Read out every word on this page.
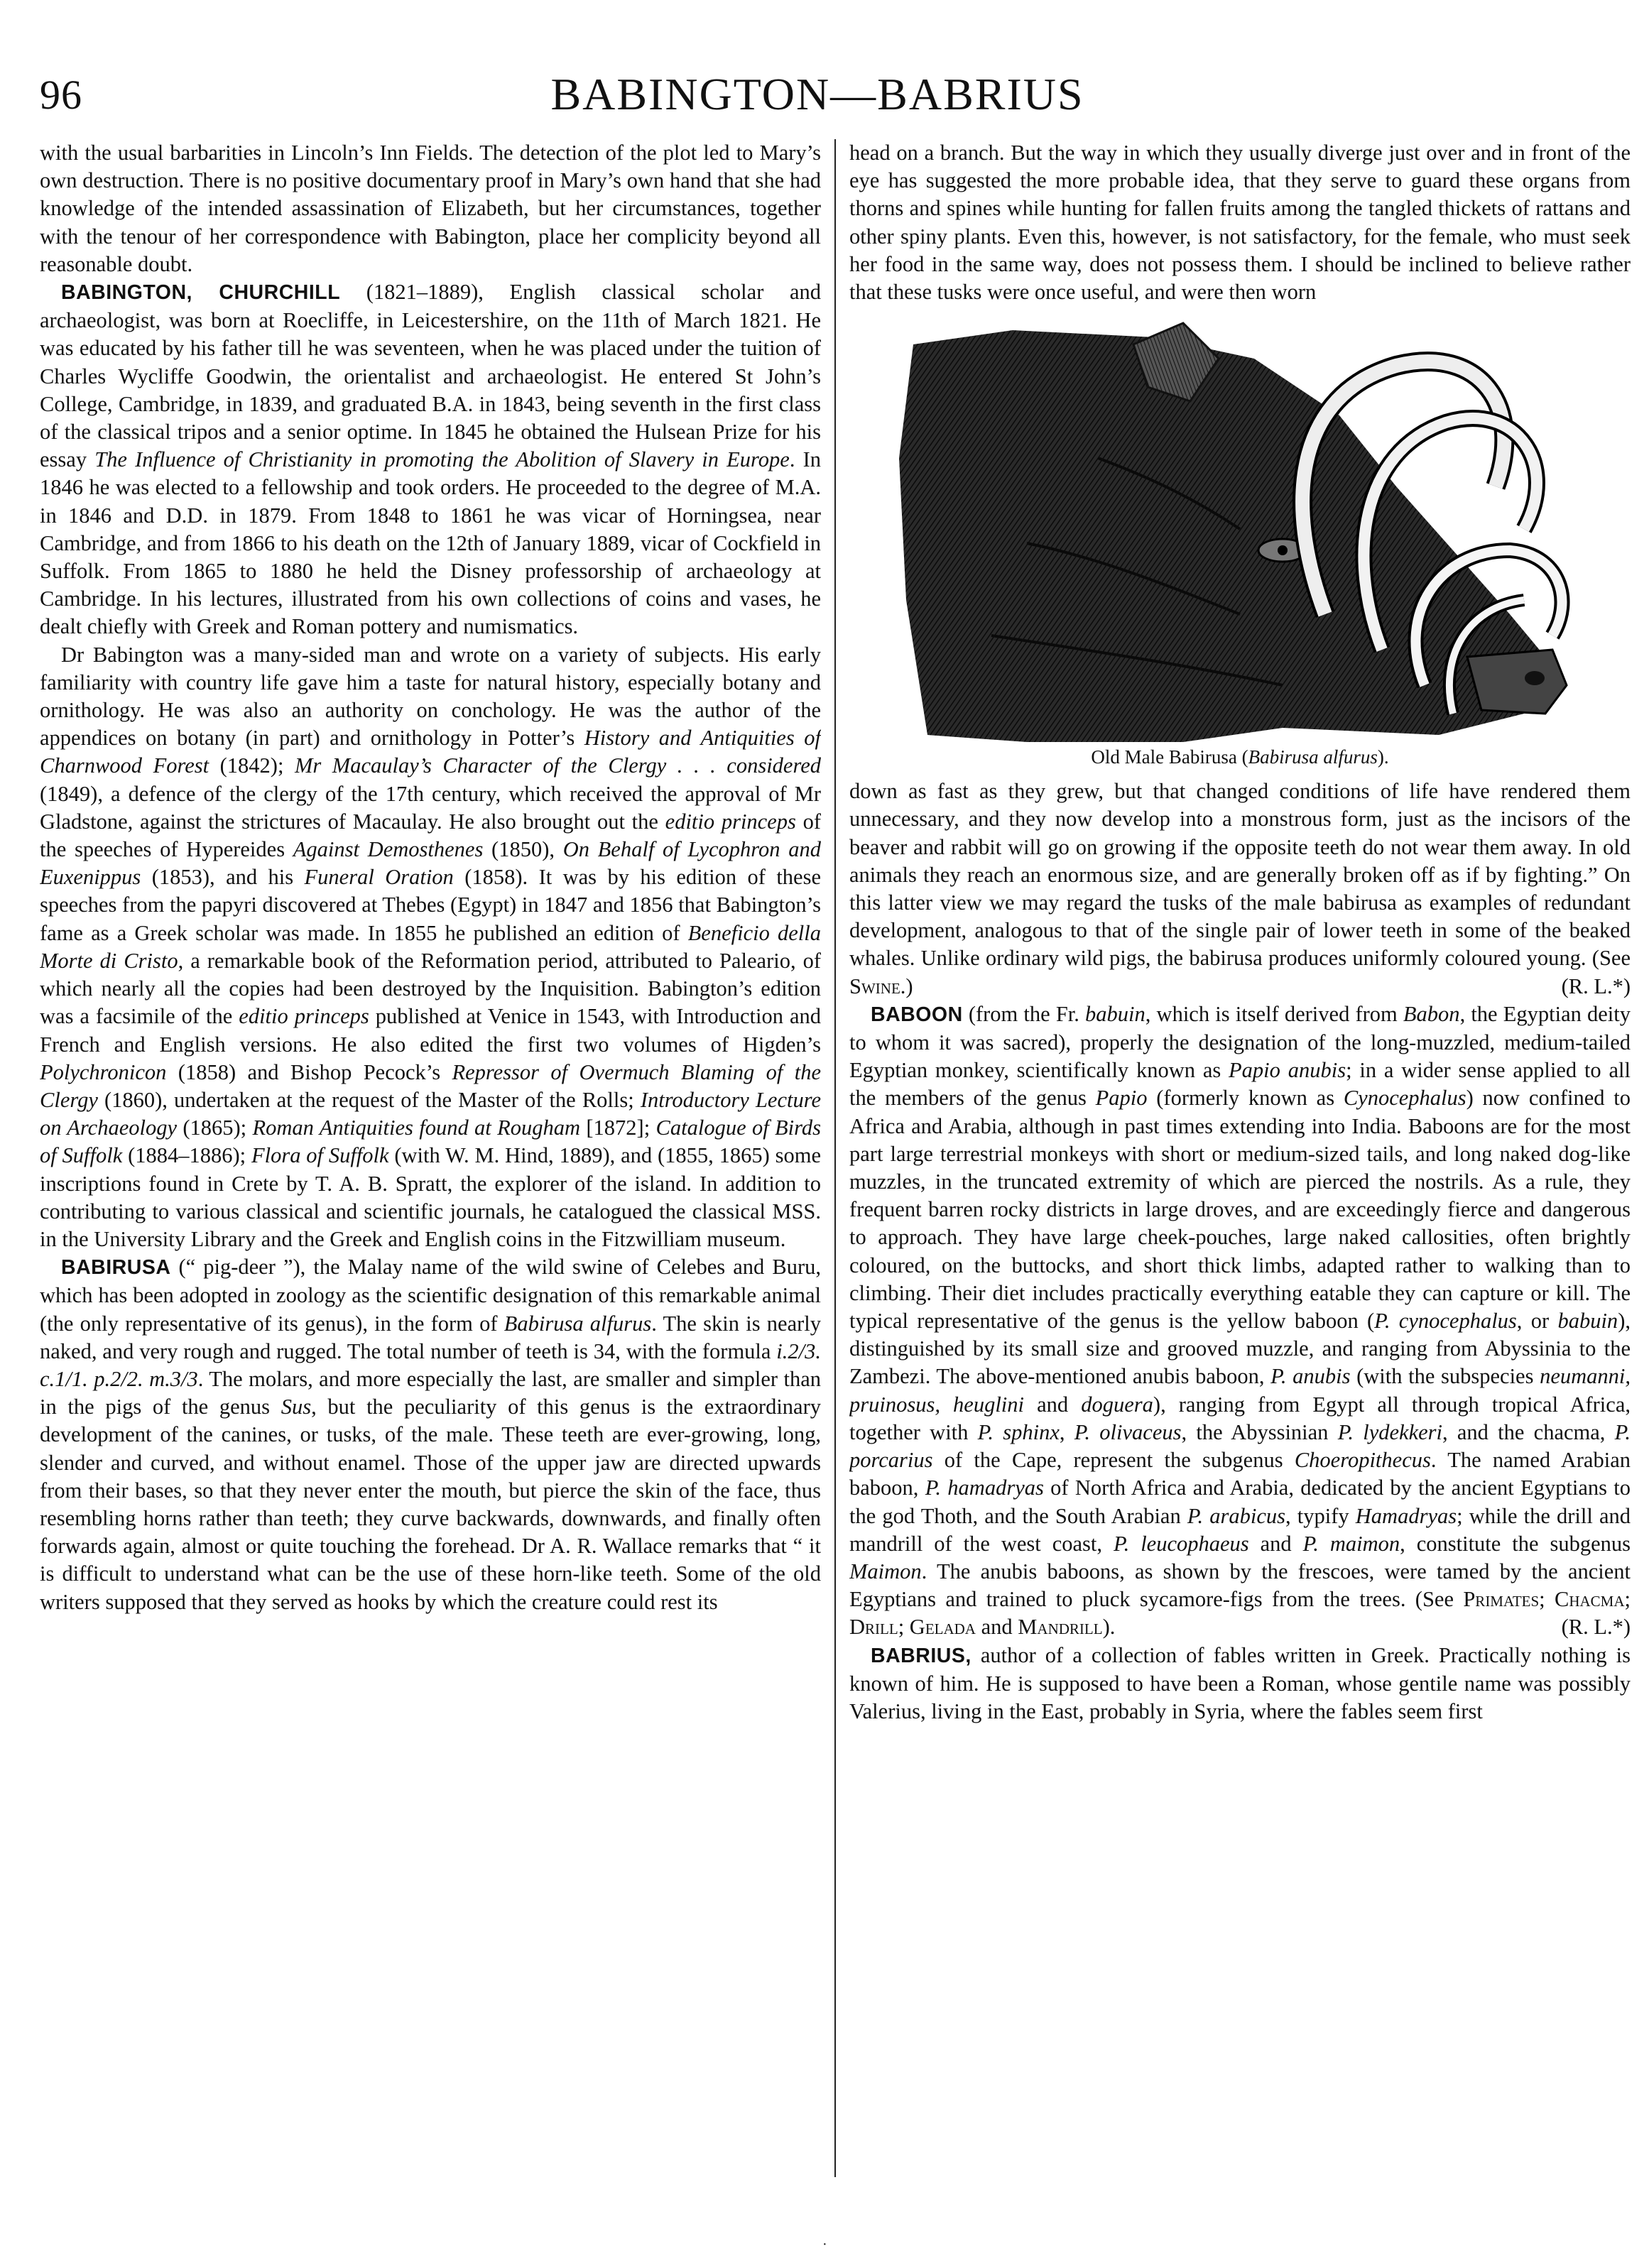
96	BABINGTON—BABRIUS

with the usual barbarities in Lincoln’s Inn Fields. The detection of the plot led to Mary’s own destruction. There is no positive documentary proof in Mary’s own hand that she had knowledge of the intended assassination of Elizabeth, but her circumstances, together with the tenour of her correspondence with Babington, place her complicity beyond all reasonable doubt.

BABINGTON, CHURCHILL (1821–1889), English classical scholar and archaeologist, was born at Roecliffe, in Leicestershire, on the 11th of March 1821. He was educated by his father till he was seventeen, when he was placed under the tuition of Charles Wycliffe Goodwin, the orientalist and archaeologist. He entered St John’s College, Cambridge, in 1839, and graduated B.A. in 1843, being seventh in the first class of the classical tripos and a senior optime. In 1845 he obtained the Hulsean Prize for his essay The Influence of Christianity in promoting the Abolition of Slavery in Europe. In 1846 he was elected to a fellowship and took orders. He proceeded to the degree of M.A. in 1846 and D.D. in 1879. From 1848 to 1861 he was vicar of Horningsea, near Cambridge, and from 1866 to his death on the 12th of January 1889, vicar of Cockfield in Suffolk. From 1865 to 1880 he held the Disney professorship of archaeology at Cambridge. In his lectures, illustrated from his own collections of coins and vases, he dealt chiefly with Greek and Roman pottery and numismatics.

Dr Babington was a many-sided man and wrote on a variety of subjects. His early familiarity with country life gave him a taste for natural history, especially botany and ornithology. He was also an authority on conchology. He was the author of the appendices on botany (in part) and ornithology in Potter’s History and Antiquities of Charnwood Forest (1842); Mr Macaulay’s Character of the Clergy . . . considered (1849), a defence of the clergy of the 17th century, which received the approval of Mr Gladstone, against the strictures of Macaulay. He also brought out the editio princeps of the speeches of Hypereides Against Demosthenes (1850), On Behalf of Lycophron and Euxenippus (1853), and his Funeral Oration (1858). It was by his edition of these speeches from the papyri discovered at Thebes (Egypt) in 1847 and 1856 that Babington’s fame as a Greek scholar was made. In 1855 he published an edition of Beneficio della Morte di Cristo, a remarkable book of the Reformation period, attributed to Paleario, of which nearly all the copies had been destroyed by the Inquisition. Babington’s edition was a facsimile of the editio princeps published at Venice in 1543, with Introduction and French and English versions. He also edited the first two volumes of Higden’s Polychronicon (1858) and Bishop Pecock’s Repressor of Overmuch Blaming of the Clergy (1860), undertaken at the request of the Master of the Rolls; Introductory Lecture on Archaeology (1865); Roman Antiquities found at Rougham [1872]; Catalogue of Birds of Suffolk (1884–1886); Flora of Suffolk (with W. M. Hind, 1889), and (1855, 1865) some inscriptions found in Crete by T. A. B. Spratt, the explorer of the island. In addition to contributing to various classical and scientific journals, he catalogued the classical MSS. in the University Library and the Greek and English coins in the Fitzwilliam museum.

BABIRUSA (“ pig-deer ”), the Malay name of the wild swine of Celebes and Buru, which has been adopted in zoology as the scientific designation of this remarkable animal (the only representative of its genus), in the form of Babirusa alfurus. The skin is nearly naked, and very rough and rugged. The total number of teeth is 34, with the formula i.2/3. c.1/1. p.2/2. m.3/3. The molars, and more especially the last, are smaller and simpler than in the pigs of the genus Sus, but the peculiarity of this genus is the extraordinary development of the canines, or tusks, of the male. These teeth are ever-growing, long, slender and curved, and without enamel. Those of the upper jaw are directed upwards from their bases, so that they never enter the mouth, but pierce the skin of the face, thus resembling horns rather than teeth; they curve backwards, downwards, and finally often forwards again, almost or quite touching the forehead. Dr A. R. Wallace remarks that “ it is difficult to understand what can be the use of these horn-like teeth. Some of the old writers supposed that they served as hooks by which the creature could rest its

head on a branch. But the way in which they usually diverge just over and in front of the eye has suggested the more probable idea, that they serve to guard these organs from thorns and spines while hunting for fallen fruits among the tangled thickets of rattans and other spiny plants. Even this, however, is not satisfactory, for the female, who must seek her food in the same way, does not possess them. I should be inclined to believe rather that these tusks were once useful, and were then worn

Old Male Babirusa (Babirusa alfurus).

down as fast as they grew, but that changed conditions of life have rendered them unnecessary, and they now develop into a monstrous form, just as the incisors of the beaver and rabbit will go on growing if the opposite teeth do not wear them away. In old animals they reach an enormous size, and are generally broken off as if by fighting.” On this latter view we may regard the tusks of the male babirusa as examples of redundant development, analogous to that of the single pair of lower teeth in some of the beaked whales. Unlike ordinary wild pigs, the babirusa produces uniformly coloured young. (See Swine.)	(R. L.*)

BABOON (from the Fr. babuin, which is itself derived from Babon, the Egyptian deity to whom it was sacred), properly the designation of the long-muzzled, medium-tailed Egyptian monkey, scientifically known as Papio anubis; in a wider sense applied to all the members of the genus Papio (formerly known as Cynocephalus) now confined to Africa and Arabia, although in past times extending into India. Baboons are for the most part large terrestrial monkeys with short or medium-sized tails, and long naked dog-like muzzles, in the truncated extremity of which are pierced the nostrils. As a rule, they frequent barren rocky districts in large droves, and are exceedingly fierce and dangerous to approach. They have large cheek-pouches, large naked callosities, often brightly coloured, on the buttocks, and short thick limbs, adapted rather to walking than to climbing. Their diet includes practically everything eatable they can capture or kill. The typical representative of the genus is the yellow baboon (P. cynocephalus, or babuin), distinguished by its small size and grooved muzzle, and ranging from Abyssinia to the Zambezi. The above-mentioned anubis baboon, P. anubis (with the subspecies neumanni, pruinosus, heuglini and doguera), ranging from Egypt all through tropical Africa, together with P. sphinx, P. olivaceus, the Abyssinian P. lydekkeri, and the chacma, P. porcarius of the Cape, represent the subgenus Choeropithecus. The named Arabian baboon, P. hamadryas of North Africa and Arabia, dedicated by the ancient Egyptians to the god Thoth, and the South Arabian P. arabicus, typify Hamadryas; while the drill and mandrill of the west coast, P. leucophaeus and P. maimon, constitute the subgenus Maimon. The anubis baboons, as shown by the frescoes, were tamed by the ancient Egyptians and trained to pluck sycamore-figs from the trees. (See Primates; Chacma; Drill; Gelada and Mandrill).	(R. L.*)

BABRIUS, author of a collection of fables written in Greek. Practically nothing is known of him. He is supposed to have been a Roman, whose gentile name was possibly Valerius, living in the East, probably in Syria, where the fables seem first

·
